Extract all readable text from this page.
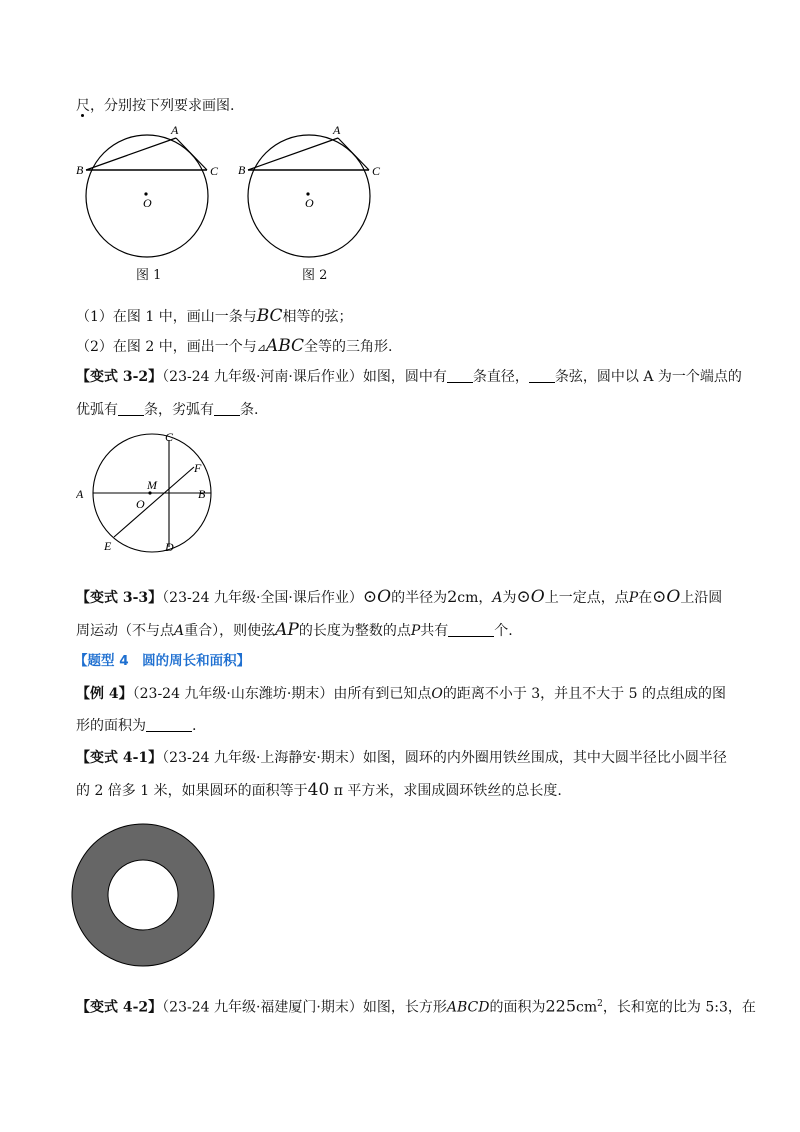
尺，分别按下列要求画图.
A
B	C
O
图 1
A
B	C
O
图 2
（1）在图 1 中，画山一条与BC相等的弦；
（2）在图 2 中，画出一个与⊿ABC全等的三角形.
【变式 3-2】（23-24 九年级·河南·课后作业）如图，圆中有 条直径， 条弦，圆中以 A 为一个端点的
优弧有 条，劣弧有 条.
C
F
M
A	B
O
E	D
【变式 3-3】（23-24 九年级·全国·课后作业）⊙O的半径为2cm，A为⊙O上一定点，点P在⊙O上沿圆
周运动（不与点A重合），则使弦AP的长度为整数的点P共有	个.
【题型 4　圆的周长和面积】
【例 4】（23-24 九年级·山东潍坊·期末）由所有到已知点O的距离不小于 3，并且不大于 5 的点组成的图
形的面积为	.
【变式 4-1】（23-24 九年级·上海静安·期末）如图，圆环的内外圈用铁丝围成，其中大圆半径比小圆半径
的 2 倍多 1 米，如果圆环的面积等于40 π 平方米，求围成圆环铁丝的总长度.
【变式 4-2】（23-24 九年级·福建厦门·期末）如图，长方形ABCD的面积为$225cm^2$，长和宽的比为 5:3，在
